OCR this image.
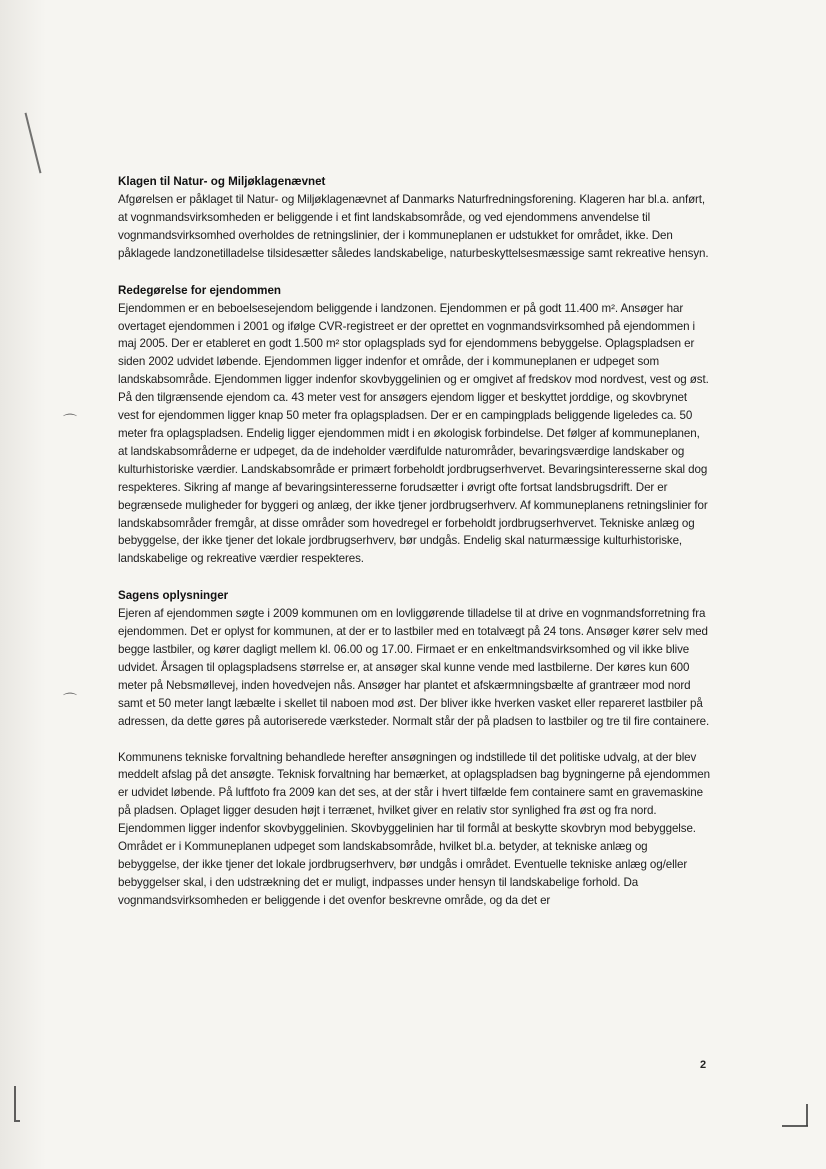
⌒
⌒
Klagen til Natur- og Miljøklagenævnet

Afgørelsen er påklaget til Natur- og Miljøklagenævnet af Danmarks Naturfredningsforening. Klageren har bl.a. anført, at vognmandsvirksomheden er beliggende i et fint landskabsområde, og ved ejendommens anvendelse til vognmandsvirksomhed overholdes de retningslinier, der i kommuneplanen er udstukket for området, ikke. Den påklagede landzonetilladelse tilsidesætter således landskabelige, naturbeskyttelsesmæssige samt rekreative hensyn.

Redegørelse for ejendommen

Ejendommen er en beboelsesejendom beliggende i landzonen. Ejendommen er på godt 11.400 m². Ansøger har overtaget ejendommen i 2001 og ifølge CVR-registreet er der oprettet en vognmandsvirksomhed på ejendommen i maj 2005. Der er etableret en godt 1.500 m² stor oplagsplads syd for ejendommens bebyggelse. Oplagspladsen er siden 2002 udvidet løbende. Ejendommen ligger indenfor et område, der i kommuneplanen er udpeget som landskabsområde. Ejendommen ligger indenfor skovbyggelinien og er omgivet af fredskov mod nordvest, vest og øst. På den tilgrænsende ejendom ca. 43 meter vest for ansøgers ejendom ligger et beskyttet jorddige, og skovbrynet vest for ejendommen ligger knap 50 meter fra oplagspladsen. Der er en campingplads beliggende ligeledes ca. 50 meter fra oplagspladsen. Endelig ligger ejendommen midt i en økologisk forbindelse. Det følger af kommuneplanen, at landskabsområderne er udpeget, da de indeholder værdifulde naturområder, bevaringsværdige landskaber og kulturhistoriske værdier. Landskabsområde er primært forbeholdt jordbrugserhvervet. Bevaringsinteresserne skal dog respekteres. Sikring af mange af bevaringsinteresserne forudsætter i øvrigt ofte fortsat landsbrugsdrift. Der er begrænsede muligheder for byggeri og anlæg, der ikke tjener jordbrugserhverv. Af kommuneplanens retningslinier for landskabsområder fremgår, at disse områder som hovedregel er forbeholdt jordbrugserhvervet. Tekniske anlæg og bebyggelse, der ikke tjener det lokale jordbrugserhverv, bør undgås. Endelig skal naturmæssige kulturhistoriske, landskabelige og rekreative værdier respekteres.

Sagens oplysninger

Ejeren af ejendommen søgte i 2009 kommunen om en lovliggørende tilladelse til at drive en vognmandsforretning fra ejendommen. Det er oplyst for kommunen, at der er to lastbiler med en totalvægt på 24 tons. Ansøger kører selv med begge lastbiler, og kører dagligt mellem kl. 06.00 og 17.00. Firmaet er en enkeltmandsvirksomhed og vil ikke blive udvidet. Årsagen til oplagspladsens størrelse er, at ansøger skal kunne vende med lastbilerne. Der køres kun 600 meter på Nebsmøllevej, inden hovedvejen nås. Ansøger har plantet et afskærmningsbælte af grantræer mod nord samt et 50 meter langt læbælte i skellet til naboen mod øst. Der bliver ikke hverken vasket eller repareret lastbiler på adressen, da dette gøres på autoriserede værksteder. Normalt står der på pladsen to lastbiler og tre til fire containere.

Kommunens tekniske forvaltning behandlede herefter ansøgningen og indstillede til det politiske udvalg, at der blev meddelt afslag på det ansøgte. Teknisk forvaltning har bemærket, at oplagspladsen bag bygningerne på ejendommen er udvidet løbende. På luftfoto fra 2009 kan det ses, at der står i hvert tilfælde fem containere samt en gravemaskine på pladsen. Oplaget ligger desuden højt i terrænet, hvilket giver en relativ stor synlighed fra øst og fra nord. Ejendommen ligger indenfor skovbyggelinien. Skovbyggelinien har til formål at beskytte skovbryn mod bebyggelse. Området er i Kommuneplanen udpeget som landskabsområde, hvilket bl.a. betyder, at tekniske anlæg og bebyggelse, der ikke tjener det lokale jordbrugserhverv, bør undgås i området. Eventuelle tekniske anlæg og/eller bebyggelser skal, i den udstrækning det er muligt, indpasses under hensyn til landskabelige forhold. Da vognmandsvirksomheden er beliggende i det ovenfor beskrevne område, og da det er

2
